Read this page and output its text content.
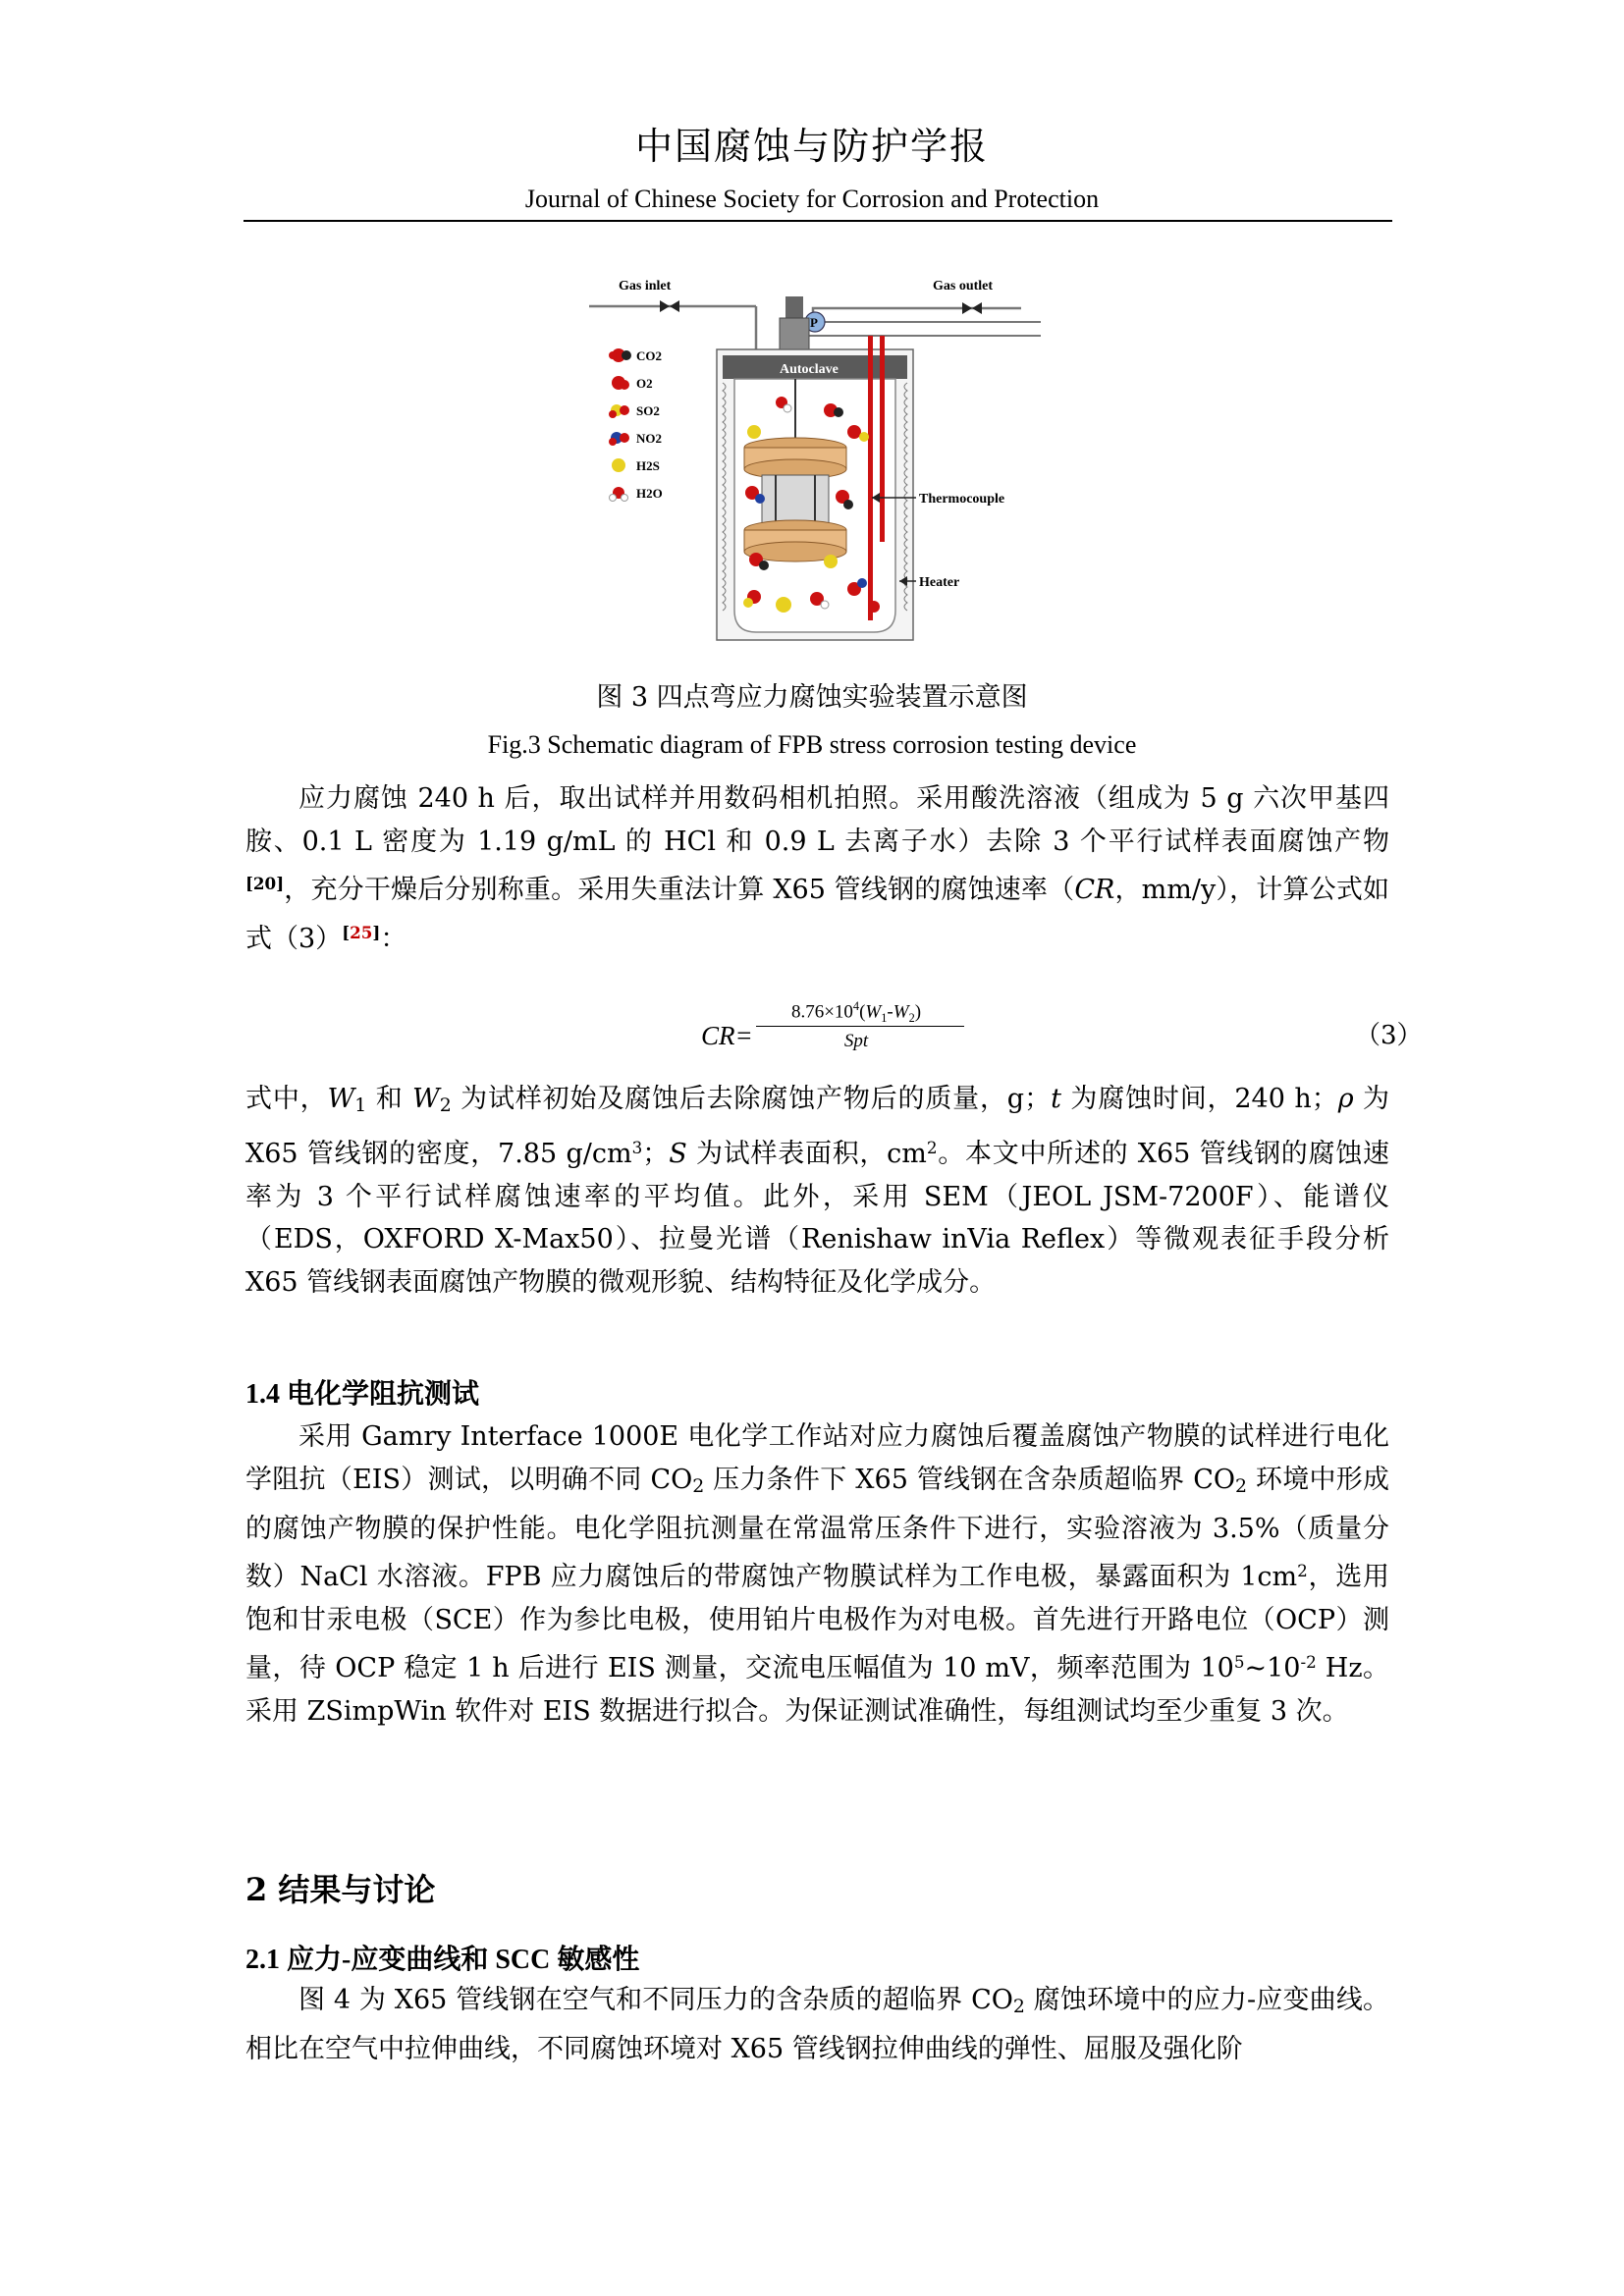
中国腐蚀与防护学报
Journal of Chinese Society for Corrosion and Protection
Gas inlet	Gas outlet
P
Autoclave
Thermocouple
Heater
CO2
O2
SO2
NO2
H2S
H2O
图 3 四点弯应力腐蚀实验装置示意图
Fig.3 Schematic diagram of FPB stress corrosion testing device

应力腐蚀 240 h 后，取出试样并用数码相机拍照。采用酸洗溶液（组成为 5 g 六次甲基四胺、0.1 L 密度为 1.19 g/mL 的 HCl 和 0.9 L 去离子水）去除 3 个平行试样表面腐蚀产物[20]，充分干燥后分别称重。采用失重法计算 X65 管线钢的腐蚀速率（CR，mm/y），计算公式如式（3）[25]：

CR=
$8.76\times 10^4(W_1-W_2)$
Spt	（3）

式中，$W_1$ 和 $W_2$ 为试样初始及腐蚀后去除腐蚀产物后的质量，g；t 为腐蚀时间，240 h；ρ 为 X65 管线钢的密度，7.85 $g/cm^3$；S 为试样表面积，$cm^2$。本文中所述的 X65 管线钢的腐蚀速率为 3 个平行试样腐蚀速率的平均值。此外，采用 SEM（JEOL JSM-7200F）、能谱仪（EDS，OXFORD X-Max50）、拉曼光谱（Renishaw inVia Reflex）等微观表征手段分析 X65 管线钢表面腐蚀产物膜的微观形貌、结构特征及化学成分。

1.4 电化学阻抗测试

采用 Gamry Interface 1000E 电化学工作站对应力腐蚀后覆盖腐蚀产物膜的试样进行电化学阻抗（EIS）测试，以明确不同 $CO_2$ 压力条件下 X65 管线钢在含杂质超临界 $CO_2$ 环境中形成的腐蚀产物膜的保护性能。电化学阻抗测量在常温常压条件下进行，实验溶液为 3.5%（质量分数）NaCl 水溶液。FPB 应力腐蚀后的带腐蚀产物膜试样为工作电极，暴露面积为 $1cm^2$，选用饱和甘汞电极（SCE）作为参比电极，使用铂片电极作为对电极。首先进行开路电位（OCP）测量，待 OCP 稳定 1 h 后进行 EIS 测量，交流电压幅值为 10 mV，频率范围为 $10^5\sim 10^{-2}$ Hz。采用 ZSimpWin 软件对 EIS 数据进行拟合。为保证测试准确性，每组测试均至少重复 3 次。

2 结果与讨论
2.1 应力-应变曲线和 SCC 敏感性

图 4 为 X65 管线钢在空气和不同压力的含杂质的超临界 $CO_2$ 腐蚀环境中的应力-应变曲线。相比在空气中拉伸曲线，不同腐蚀环境对 X65 管线钢拉伸曲线的弹性、屈服及强化阶
